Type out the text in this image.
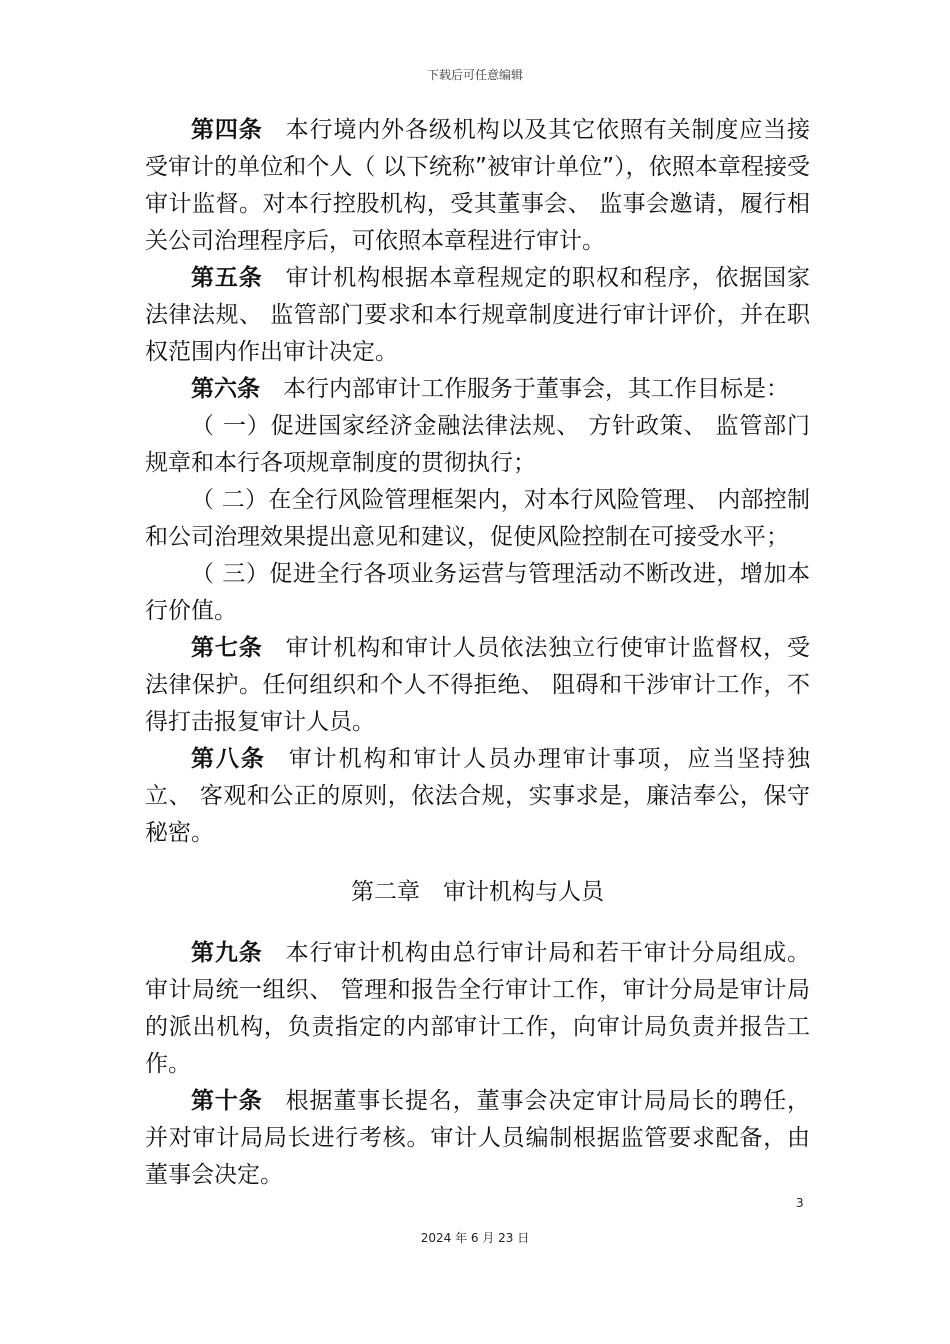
下载后可任意编辑

第四条 本行境内外各级机构以及其它依照有关制度应当接受审计的单位和个人（ 以下统称”被审计单位”），依照本章程接受审计监督。对本行控股机构，受其董事会、 监事会邀请，履行相关公司治理程序后，可依照本章程进行审计。

第五条 审计机构根据本章程规定的职权和程序，依据国家法律法规、 监管部门要求和本行规章制度进行审计评价，并在职权范围内作出审计决定。

第六条 本行内部审计工作服务于董事会，其工作目标是：

（ 一）促进国家经济金融法律法规、 方针政策、 监管部门规章和本行各项规章制度的贯彻执行；

（ 二）在全行风险管理框架内，对本行风险管理、 内部控制和公司治理效果提出意见和建议，促使风险控制在可接受水平；

（ 三）促进全行各项业务运营与管理活动不断改进，增加本行价值。

第七条 审计机构和审计人员依法独立行使审计监督权，受法律保护。任何组织和个人不得拒绝、 阻碍和干涉审计工作，不得打击报复审计人员。

第八条 审计机构和审计人员办理审计事项，应当坚持独立、 客观和公正的原则，依法合规，实事求是，廉洁奉公，保守秘密。

第二章　审计机构与人员

第九条 本行审计机构由总行审计局和若干审计分局组成。审计局统一组织、 管理和报告全行审计工作，审计分局是审计局的派出机构，负责指定的内部审计工作，向审计局负责并报告工作。

第十条 根据董事长提名，董事会决定审计局局长的聘任，并对审计局局长进行考核。审计人员编制根据监管要求配备，由董事会决定。

3
2024 年 6 月 23 日
